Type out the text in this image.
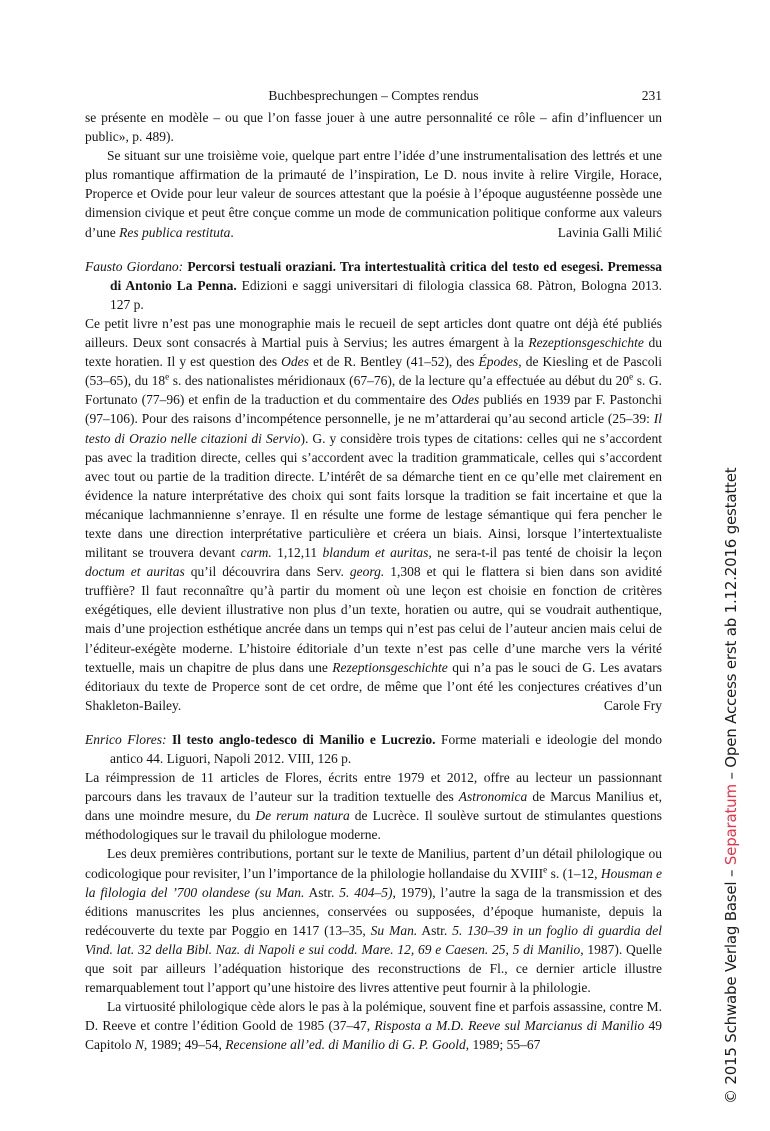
Buchbesprechungen – Comptes rendus	231
se présente en modèle – ou que l’on fasse jouer à une autre personnalité ce rôle – afin d’influencer un public», p. 489).
Se situant sur une troisième voie, quelque part entre l’idée d’une instrumentalisation des lettrés et une plus romantique affirmation de la primauté de l’inspiration, Le D. nous invite à relire Virgile, Horace, Properce et Ovide pour leur valeur de sources attestant que la poésie à l’époque augustéenne possède une dimension civique et peut être conçue comme un mode de communication politique conforme aux valeurs d’une Res publica restituta.	Lavinia Galli Milić
Fausto Giordano: Percorsi testuali oraziani. Tra intertestualità critica del testo ed esegesi. Premessa di Antonio La Penna. Edizioni e saggi universitari di filologia classica 68. Pàtron, Bologna 2013. 127 p.
Ce petit livre n’est pas une monographie mais le recueil de sept articles dont quatre ont déjà été publiés ailleurs. Deux sont consacrés à Martial puis à Servius; les autres émargent à la Rezeptionsgeschichte du texte horatien. Il y est question des Odes et de R. Bentley (41–52), des Épodes, de Kiesling et de Pascoli (53–65), du 18e s. des nationalistes méridionaux (67–76), de la lecture qu’a effectuée au début du 20e s. G. Fortunato (77–96) et enfin de la traduction et du commentaire des Odes publiés en 1939 par F. Pastonchi (97–106). Pour des raisons d’incompétence personnelle, je ne m’attarderai qu’au second article (25–39: Il testo di Orazio nelle citazioni di Servio). G. y considère trois types de citations: celles qui ne s’accordent pas avec la tradition directe, celles qui s’accordent avec la tradition grammaticale, celles qui s’accordent avec tout ou partie de la tradition directe. L’intérêt de sa démarche tient en ce qu’elle met clairement en évidence la nature interprétative des choix qui sont faits lorsque la tradition se fait incertaine et que la mécanique lachmannienne s’enraye. Il en résulte une forme de lestage sémantique qui fera pencher le texte dans une direction interprétative particulière et créera un biais. Ainsi, lorsque l’intertextualiste militant se trouvera devant carm. 1,12,11 blandum et auritas, ne sera-t-il pas tenté de choisir la leçon doctum et auritas qu’il découvrira dans Serv. georg. 1,308 et qui le flattera si bien dans son avidité truffière? Il faut reconnaître qu’à partir du moment où une leçon est choisie en fonction de critères exégétiques, elle devient illustrative non plus d’un texte, horatien ou autre, qui se voudrait authentique, mais d’une projection esthétique ancrée dans un temps qui n’est pas celui de l’auteur ancien mais celui de l’éditeur-exégète moderne. L’histoire éditoriale d’un texte n’est pas celle d’une marche vers la vérité textuelle, mais un chapitre de plus dans une Rezeptionsgeschichte qui n’a pas le souci de G. Les avatars éditoriaux du texte de Properce sont de cet ordre, de même que l’ont été les conjectures créatives d’un Shakleton-Bailey.	Carole Fry
Enrico Flores: Il testo anglo-tedesco di Manilio e Lucrezio. Forme materiali e ideologie del mondo antico 44. Liguori, Napoli 2012. VIII, 126 p.
La réimpression de 11 articles de Flores, écrits entre 1979 et 2012, offre au lecteur un passionnant parcours dans les travaux de l’auteur sur la tradition textuelle des Astronomica de Marcus Manilius et, dans une moindre mesure, du De rerum natura de Lucrèce. Il soulève surtout de stimulantes questions méthodologiques sur le travail du philologue moderne.
Les deux premières contributions, portant sur le texte de Manilius, partent d’un détail philologique ou codicologique pour revisiter, l’un l’importance de la philologie hollandaise du XVIIIe s. (1–12, Housman e la filologia del ’700 olandese (su Man. Astr. 5. 404–5), 1979), l’autre la saga de la transmission et des éditions manuscrites les plus anciennes, conservées ou supposées, d’époque humaniste, depuis la redécouverte du texte par Poggio en 1417 (13–35, Su Man. Astr. 5. 130–39 in un foglio di guardia del Vind. lat. 32 della Bibl. Naz. di Napoli e sui codd. Mare. 12, 69 e Caesen. 25, 5 di Manilio, 1987). Quelle que soit par ailleurs l’adéquation historique des reconstructions de Fl., ce dernier article illustre remarquablement tout l’apport qu’une histoire des livres attentive peut fournir à la philologie.
La virtuosité philologique cède alors le pas à la polémique, souvent fine et parfois assassine, contre M. D. Reeve et contre l’édition Goold de 1985 (37–47, Risposta a M.D. Reeve sul Marcianus di Manilio 49 Capitolo N, 1989; 49–54, Recensione all’ed. di Manilio di G. P. Goold, 1989; 55–67	© 2015 Schwabe Verlag Basel – Separatum – Open Access erst ab 1.12.2016 gestattet
